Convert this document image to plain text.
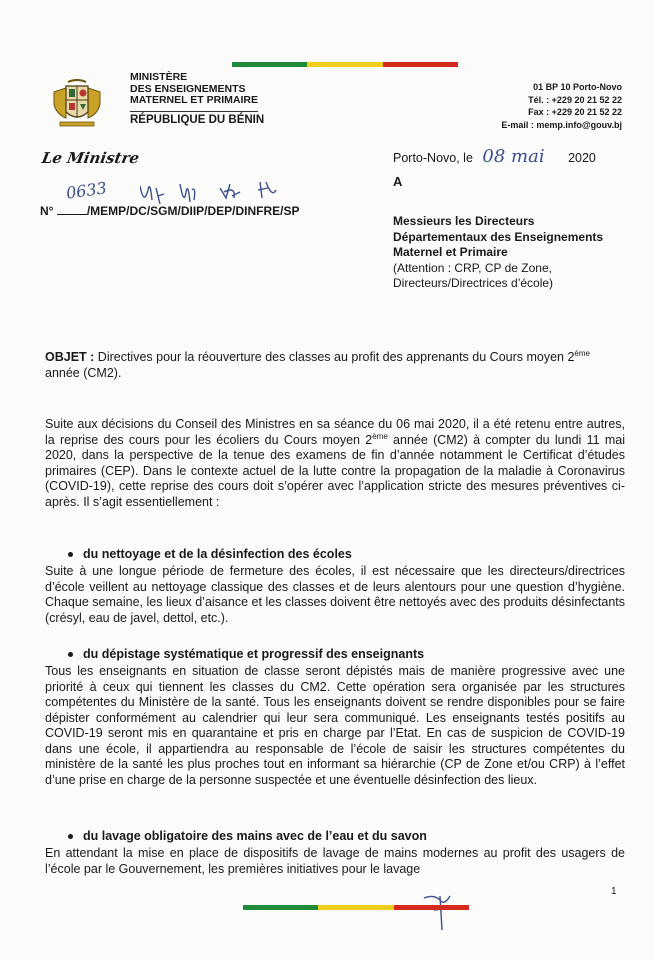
MINISTÈRE
DES ENSEIGNEMENTS
MATERNEL ET PRIMAIRE
RÉPUBLIQUE DU BÉNIN
01 BP 10 Porto-Novo
Tél. : +229 20 21 52 22
Fax : +229 20 21 52 22
E-mail : memp.info@gouv.bj
Le Ministre	Porto-Novo, le 08 mai 2020
A
0633
N°	/MEMP/DC/SGM/DIIP/DEP/DINFRE/SP
Messieurs les Directeurs
Départementaux des Enseignements
Maternel et Primaire
(Attention : CRP, CP de Zone,
Directeurs/Directrices d’école)
OBJET : Directives pour la réouverture des classes au profit des apprenants du Cours moyen 2ème année (CM2).
Suite aux décisions du Conseil des Ministres en sa séance du 06 mai 2020, il a été retenu entre autres, la reprise des cours pour les écoliers du Cours moyen 2ème année (CM2) à compter du lundi 11 mai 2020, dans la perspective de la tenue des examens de fin d’année notamment le Certificat d’études primaires (CEP). Dans le contexte actuel de la lutte contre la propagation de la maladie à Coronavirus (COVID-19), cette reprise des cours doit s’opérer avec l’application stricte des mesures préventives ci-après. Il s’agit essentiellement :
du nettoyage et de la désinfection des écoles
Suite à une longue période de fermeture des écoles, il est nécessaire que les directeurs/directrices d’école veillent au nettoyage classique des classes et de leurs alentours pour une question d’hygiène. Chaque semaine, les lieux d’aisance et les classes doivent être nettoyés avec des produits désinfectants (crésyl, eau de javel, dettol, etc.).
du dépistage systématique et progressif des enseignants
Tous les enseignants en situation de classe seront dépistés mais de manière progressive avec une priorité à ceux qui tiennent les classes du CM2. Cette opération sera organisée par les structures compétentes du Ministère de la santé. Tous les enseignants doivent se rendre disponibles pour se faire dépister conformément au calendrier qui leur sera communiqué. Les enseignants testés positifs au COVID-19 seront mis en quarantaine et pris en charge par l’Etat. En cas de suspicion de COVID-19 dans une école, il appartiendra au responsable de l’école de saisir les structures compétentes du ministère de la santé les plus proches tout en informant sa hiérarchie (CP de Zone et/ou CRP) à l’effet d’une prise en charge de la personne suspectée et une éventuelle désinfection des lieux.
du lavage obligatoire des mains avec de l’eau et du savon
En attendant la mise en place de dispositifs de lavage de mains modernes au profit des usagers de l’école par le Gouvernement, les premières initiatives pour le lavage
1
